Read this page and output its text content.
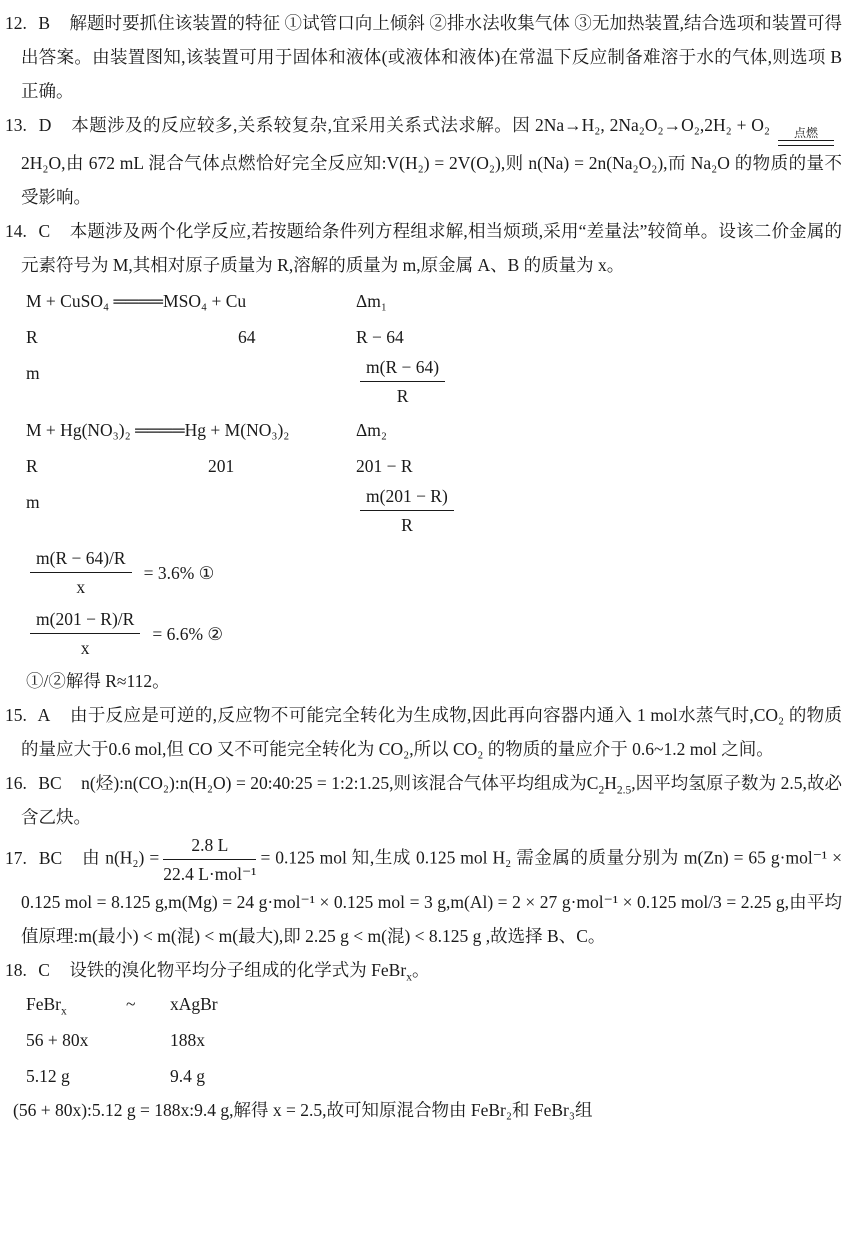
12. B 解题时要抓住该装置的特征 ①试管口向上倾斜 ②排水法收集气体 ③无加热装置,结合选项和装置可得出答案。由装置图知,该装置可用于固体和液体(或液体和液体)在常温下反应制备难溶于水的气体,则选项 B 正确。

13. D 本题涉及的反应较多,关系较复杂,宜采用关系式法求解。因 2Na→H₂, 2Na₂O₂→O₂,2H₂ + O₂	点燃
2H₂O,由 672 mL 混合气体点燃恰好完全反应知:V(H₂) = 2V(O₂),则 n(Na) = 2n(Na₂O₂),而 Na₂O 的物质的量不受影响。

14. C 本题涉及两个化学反应,若按题给条件列方程组求解,相当烦琐,采用“差量法”较简单。设该二价金属的元素符号为 M,其相对原子质量为 R,溶解的质量为 m,原金属 A、B 的质量为 x。

M + CuSO₄ ════MSO₄ + Cu	Δm₁
R	64	R − 64
m	$\frac{m(R - 64)}{R}$
M + Hg(NO₃)₂ ════Hg + M(NO₃)₂	Δm₂
R	201	201 − R
m	$\frac{m(201 - R)}{R}$
$\frac{m(R - 64)/R}{x} = 3.6\%$ ①
$\frac{m(201 - R)/R}{x} = 6.6\%$ ②
①/②解得 R≈112。

15. A 由于反应是可逆的,反应物不可能完全转化为生成物,因此再向容器内通入 1 mol水蒸气时,CO₂ 的物质的量应大于0.6 mol,但 CO 又不可能完全转化为 CO₂,所以 CO₂ 的物质的量应介于 0.6~1.2 mol 之间。

16. BC n(烃):n(CO₂):n(H₂O) = 20:40:25 = 1:2:1.25,则该混合气体平均组成为$C_2H_{2.5}$,因平均氢原子数为 2.5,故必含乙炔。

17. BC 由 $n(H_2) = \frac{2.8 L}{\text{22.4 L·mol⁻¹}} = 0.125$ mol 知,生成 0.125 mol H₂ 需金属的质量分别为 m(Zn) = 65 g·mol⁻¹ × 0.125 mol = 8.125 g,m(Mg) = 24 g·mol⁻¹ × 0.125 mol = 3 g,m(Al) = 2 × 27 g·mol⁻¹ × 0.125 mol/3 = 2.25 g,由平均值原理:m(最小) < m(混) < m(最大),即 2.25 g < m(混) < 8.125 g ,故选择 B、C。

18. C 设铁的溴化物平均分子组成的化学式为 FeBr$_x$。

FeBr$_x$	~	xAgBr
56 + 80x	188x
5.12 g	9.4 g
(56 + 80x):5.12 g = 188x:9.4 g,解得 x = 2.5,故可知原混合物由 FeBr₂和 FeBr₃组
